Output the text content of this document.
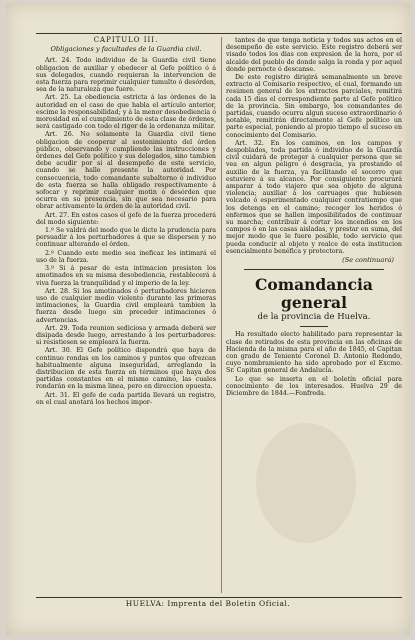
CAPITULO III.

Obligaciones y facultades de la Guardia civil.

Art. 24. Todo individuo de la Guardia civil tiene obligacion de auxiliar y obedecer al Gefe político ó á sus delegados, cuando requieran la intervencion de esta fuerza para reprimir cualquier tumulto ó desórden, sea de la naturaleza que fuere.

Art. 25. La obediencia estricta á las órdenes de la autoridad en el caso de que habla el artículo anterior, escime la responsabilidad; y á la menor desobediencia ó morosidad en el cumplimiento de esta clase de órdenes, será castigado con todo el rigor de la ordenanza militar.

Art. 26. No solamente la Guardia civil tiene obligacion de cooperar al sostenimiento del órden público, observando y cumpliendo las instrucciones y órdenes del Gefe político y sus delegados, sino tambien debe acudir por sí al desempeño de este servicio, cuando se halle presente la autoridad. Por consecuencia, todo comandante subalterno ó individuo de esta fuerza se halla obligado respectivamente á sofocar y reprimir cualquier motin ó desórden que ocurra en su presencia, sin que sea necesario para obrar activamente la órden de la autoridad civil.

Art. 27. En estos casos el gefe de la fuerza procederá del modo siguiente:

1.º Se valdrá del modo que le dicte la prudencia para persuadir á los perturbadores á que se dispersen y no continuar alterando el órden.

2.º Cuando este medio sea ineficaz les intimará el uso de la fuerza.

3.º Si á pesar de esta intimacion presisten los amotinados en su misma desobediencia, restablecerá á viva fuerza la tranquilidad y el imperio de la ley.

Art. 28. Si los amotinados ó perturbadores hicieren uso de cualquier medio violento durante las primeras intimaciones, la Guardia civil empleará tambien la fuerza desde luego sin preceder intimaciones ó advertencias.

Art. 29. Toda reunion sediciosa y armada deberá ser disipada desde luego, arrestando á los perturbadores: si resistiesen se empleará la fuerza.

Art. 30. El Gefe político dispondrá que haya de continuo rondas en los caminos y puntos que ofrezcan habitualmente alguna inseguridad, arreglando la distribucion de esta fuerza en términos que haya dos partidas constantes en el mismo camino, las cuales rondarán en la misma linea, pero en direccion opuesta.

Art. 31. El gefe de cada partida llevará un registro, en el cual anotará los hechos impor-

tantes de que tenga noticia y todos sus actos en el desempeño de este servicio. Este registro deberá ser visado todos los dias con expresion de la hora, por el alcalde del pueblo de donde salga la ronda y por aquel donde pernocte ó descanse.

De este registro dirigirá semanalmente un breve extracto al Comisario respectivo, el cual, formando un resúmen general de los extractos parciales, remitirá cada 15 dias el correspondiente parte al Gefe político de la provincia. Sin embargo, los comandantes de partidas, cuando ocurra algun suceso extraordinario ó notable, remitirán directamente al Gefe político un parte especial, poniendo al propio tiempo el suceso en conocimiento del Comisario.

Art. 32. En los caminos, en los campos y despoblados, toda partida ó individuo de la Guardia civil cuidará de proteger á cualquier persona que se vea en algun peligro ó desgracia, ya prestando el auxilio de la fuerza, ya facilitando el socorro que estuviere á su alcance. Por consiguiente procurará amparar á todo viajero que sea objeto de alguna violencia; auxiliar á los carruages que hubiesen volcado ó esperimentado cualquier contratiempo que los detenga en el camino; recoger los heridos ó enfermos que se hallen imposibilitados de continuar su marcha; contribuir á cortar los incendios en los campos ó en las casas aisladas, y prestar en suma, del mejor modo que le fuere posible, todo servicio que pueda conducir al objeto y realce de esta institucion esencialmente benéfica y protectora.

(Se continuará)

Comandancia general

de la provincia de Huelva.

Ha resultado electo habilitado para representar la clase de retirados de esta provincia en las oficinas de Hacienda de la misma para el año de 1845, el Capitan con grado de Teniente Coronel D. Antonio Redondo, cuyo nombramiento ha sido aprobado por el Excmo. Sr. Capitan general de Andalucía.

Lo que se inserta en el boletín oficial para conocimiento de los interesados. Huelva 29 de Diciembre de 1844.—Fonfreda.

HUELVA: Imprenta del Boletin Oficial.
